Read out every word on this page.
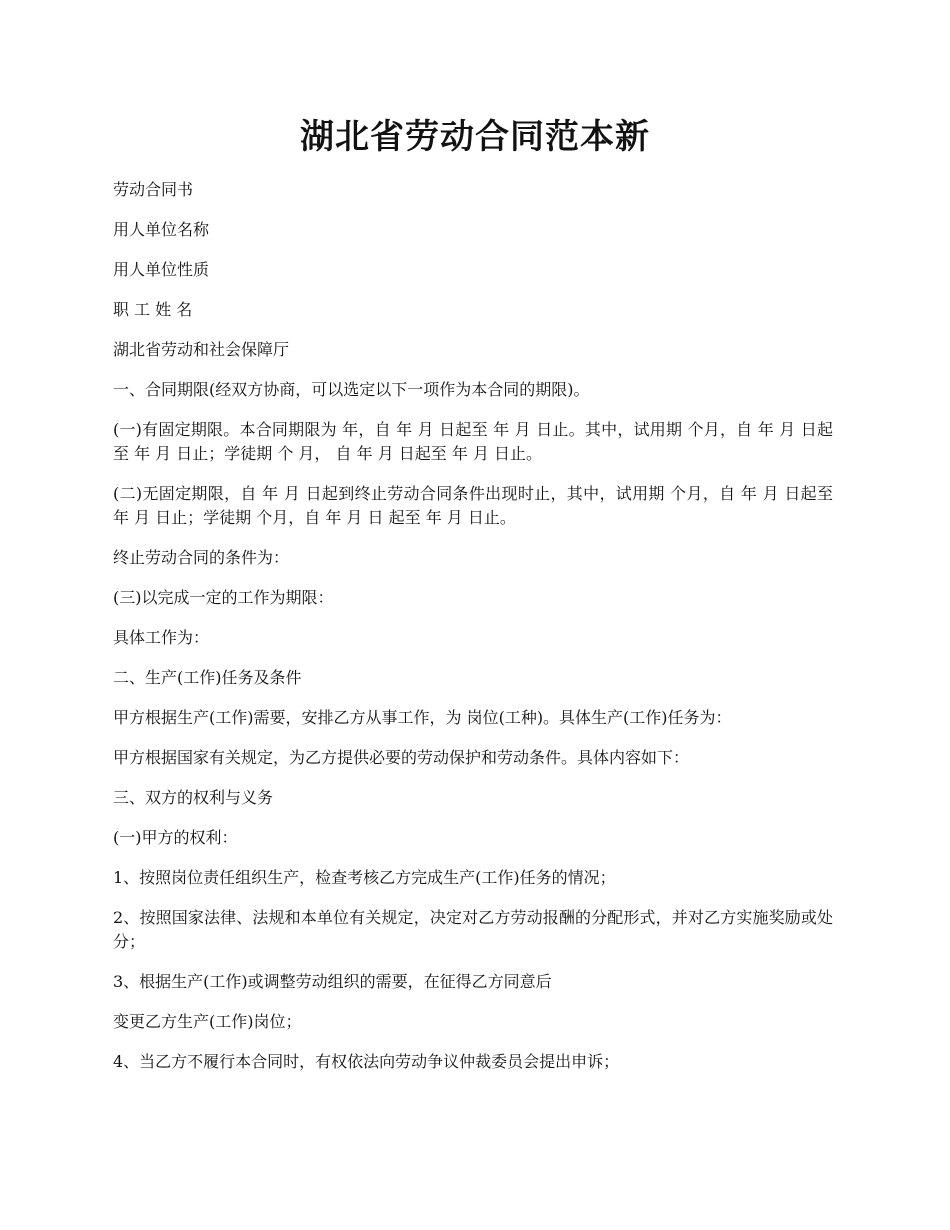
湖北省劳动合同范本新

劳动合同书

用人单位名称

用人单位性质

职 工 姓 名

湖北省劳动和社会保障厅

一、合同期限(经双方协商，可以选定以下一项作为本合同的期限)。

(一)有固定期限。本合同期限为 年，自 年 月 日起至 年 月 日止。其中，试用期 个月，自 年 月 日起至 年 月 日止；学徒期 个 月， 自 年 月 日起至 年 月 日止。

(二)无固定期限，自 年 月 日起到终止劳动合同条件出现时止，其中，试用期 个月，自 年 月 日起至 年 月 日止；学徒期 个月，自 年 月 日 起至 年 月 日止。

终止劳动合同的条件为：

(三)以完成一定的工作为期限：

具体工作为：

二、生产(工作)任务及条件

甲方根据生产(工作)需要，安排乙方从事工作，为 岗位(工种)。具体生产(工作)任务为：

甲方根据国家有关规定，为乙方提供必要的劳动保护和劳动条件。具体内容如下：

三、双方的权利与义务

(一)甲方的权利：

1、按照岗位责任组织生产，检查考核乙方完成生产(工作)任务的情况；

2、按照国家法律、法规和本单位有关规定，决定对乙方劳动报酬的分配形式，并对乙方实施奖励或处分；

3、根据生产(工作)或调整劳动组织的需要，在征得乙方同意后

变更乙方生产(工作)岗位；

4、当乙方不履行本合同时，有权依法向劳动争议仲裁委员会提出申诉；
